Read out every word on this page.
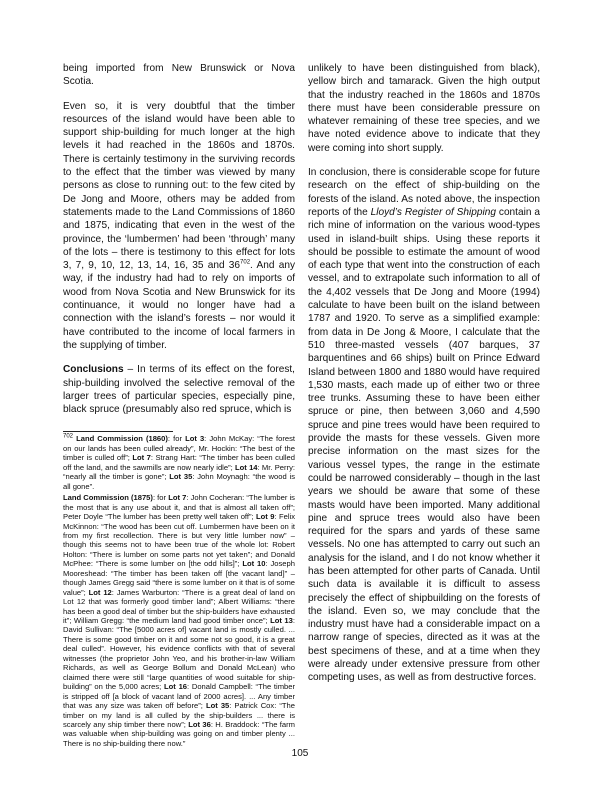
being imported from New Brunswick or Nova Scotia.

Even so, it is very doubtful that the timber resources of the island would have been able to support ship-building for much longer at the high levels it had reached in the 1860s and 1870s. There is certainly testimony in the surviving records to the effect that the timber was viewed by many persons as close to running out: to the few cited by De Jong and Moore, others may be added from statements made to the Land Commissions of 1860 and 1875, indicating that even in the west of the province, the ‘lumbermen’ had been ‘through’ many of the lots – there is testimony to this effect for lots 3, 7, 9, 10, 12, 13, 14, 16, 35 and $36^{702}$. And any way, if the industry had had to rely on imports of wood from Nova Scotia and New Brunswick for its continuance, it would no longer have had a connection with the island’s forests – nor would it have contributed to the income of local farmers in the supplying of timber.

Conclusions – In terms of its effect on the forest, ship-building involved the selective removal of the larger trees of particular species, especially pine, black spruce (presumably also red spruce, which is

$^{702}$ Land Commission (1860): for Lot 3: John McKay: “The forest on our lands has been culled already”, Mr. Hockin: “The best of the timber is culled off”; Lot 7: Strang Hart: “The timber has been culled off the land, and the sawmills are now nearly idle”; Lot 14: Mr. Perry: “nearly all the timber is gone”; Lot 35: John Moynagh: “the wood is all gone”.

Land Commission (1875): for Lot 7: John Cocheran: “The lumber is the most that is any use about it, and that is almost all taken off”; Peter Doyle “The lumber has been pretty well taken off”; Lot 9: Felix McKinnon: “The wood has been cut off. Lumbermen have been on it from my first recollection. There is but very little lumber now” – though this seems not to have been true of the whole lot: Robert Holton: “There is lumber on some parts not yet taken”; and Donald McPhee: “There is some lumber on [the odd hills]”; Lot 10: Joseph Mooreshead: “The timber has been taken off [the vacant land]” – though James Gregg said “there is some lumber on it that is of some value”; Lot 12: James Warburton: “There is a great deal of land on Lot 12 that was formerly good timber land”; Albert Williams: “there has been a good deal of timber but the ship-builders have exhausted it”; William Gregg: “the medium land had good timber once”; Lot 13: David Sullivan: “The [5000 acres of] vacant land is mostly culled. ... There is some good timber on it and some not so good, it is a great deal culled”. However, his evidence conflicts with that of several witnesses (the proprietor John Yeo, and his brother-in-law William Richards, as well as George Bollum and Donald McLean) who claimed there were still “large quantities of wood suitable for ship-building” on the 5,000 acres; Lot 16: Donald Campbell: “The timber is stripped off [a block of vacant land of 2000 acres]. ... Any timber that was any size was taken off before”; Lot 35: Patrick Cox: “The timber on my land is all culled by the ship-builders ... there is scarcely any ship timber there now”; Lot 36: H. Braddock: “The farm was valuable when ship-building was going on and timber plenty ... There is no ship-building there now.”

unlikely to have been distinguished from black), yellow birch and tamarack. Given the high output that the industry reached in the 1860s and 1870s there must have been considerable pressure on whatever remaining of these tree species, and we have noted evidence above to indicate that they were coming into short supply.

In conclusion, there is considerable scope for future research on the effect of ship-building on the forests of the island. As noted above, the inspection reports of the Lloyd’s Register of Shipping contain a rich mine of information on the various wood-types used in island-built ships. Using these reports it should be possible to estimate the amount of wood of each type that went into the construction of each vessel, and to extrapolate such information to all of the 4,402 vessels that De Jong and Moore (1994) calculate to have been built on the island between 1787 and 1920. To serve as a simplified example: from data in De Jong & Moore, I calculate that the 510 three-masted vessels (407 barques, 37 barquentines and 66 ships) built on Prince Edward Island between 1800 and 1880 would have required 1,530 masts, each made up of either two or three tree trunks. Assuming these to have been either spruce or pine, then between 3,060 and 4,590 spruce and pine trees would have been required to provide the masts for these vessels. Given more precise information on the mast sizes for the various vessel types, the range in the estimate could be narrowed considerably – though in the last years we should be aware that some of these masts would have been imported. Many additional pine and spruce trees would also have been required for the spars and yards of these same vessels. No one has attempted to carry out such an analysis for the island, and I do not know whether it has been attempted for other parts of Canada. Until such data is available it is difficult to assess precisely the effect of shipbuilding on the forests of the island. Even so, we may conclude that the industry must have had a considerable impact on a narrow range of species, directed as it was at the best specimens of these, and at a time when they were already under extensive pressure from other competing uses, as well as from destructive forces.

105
